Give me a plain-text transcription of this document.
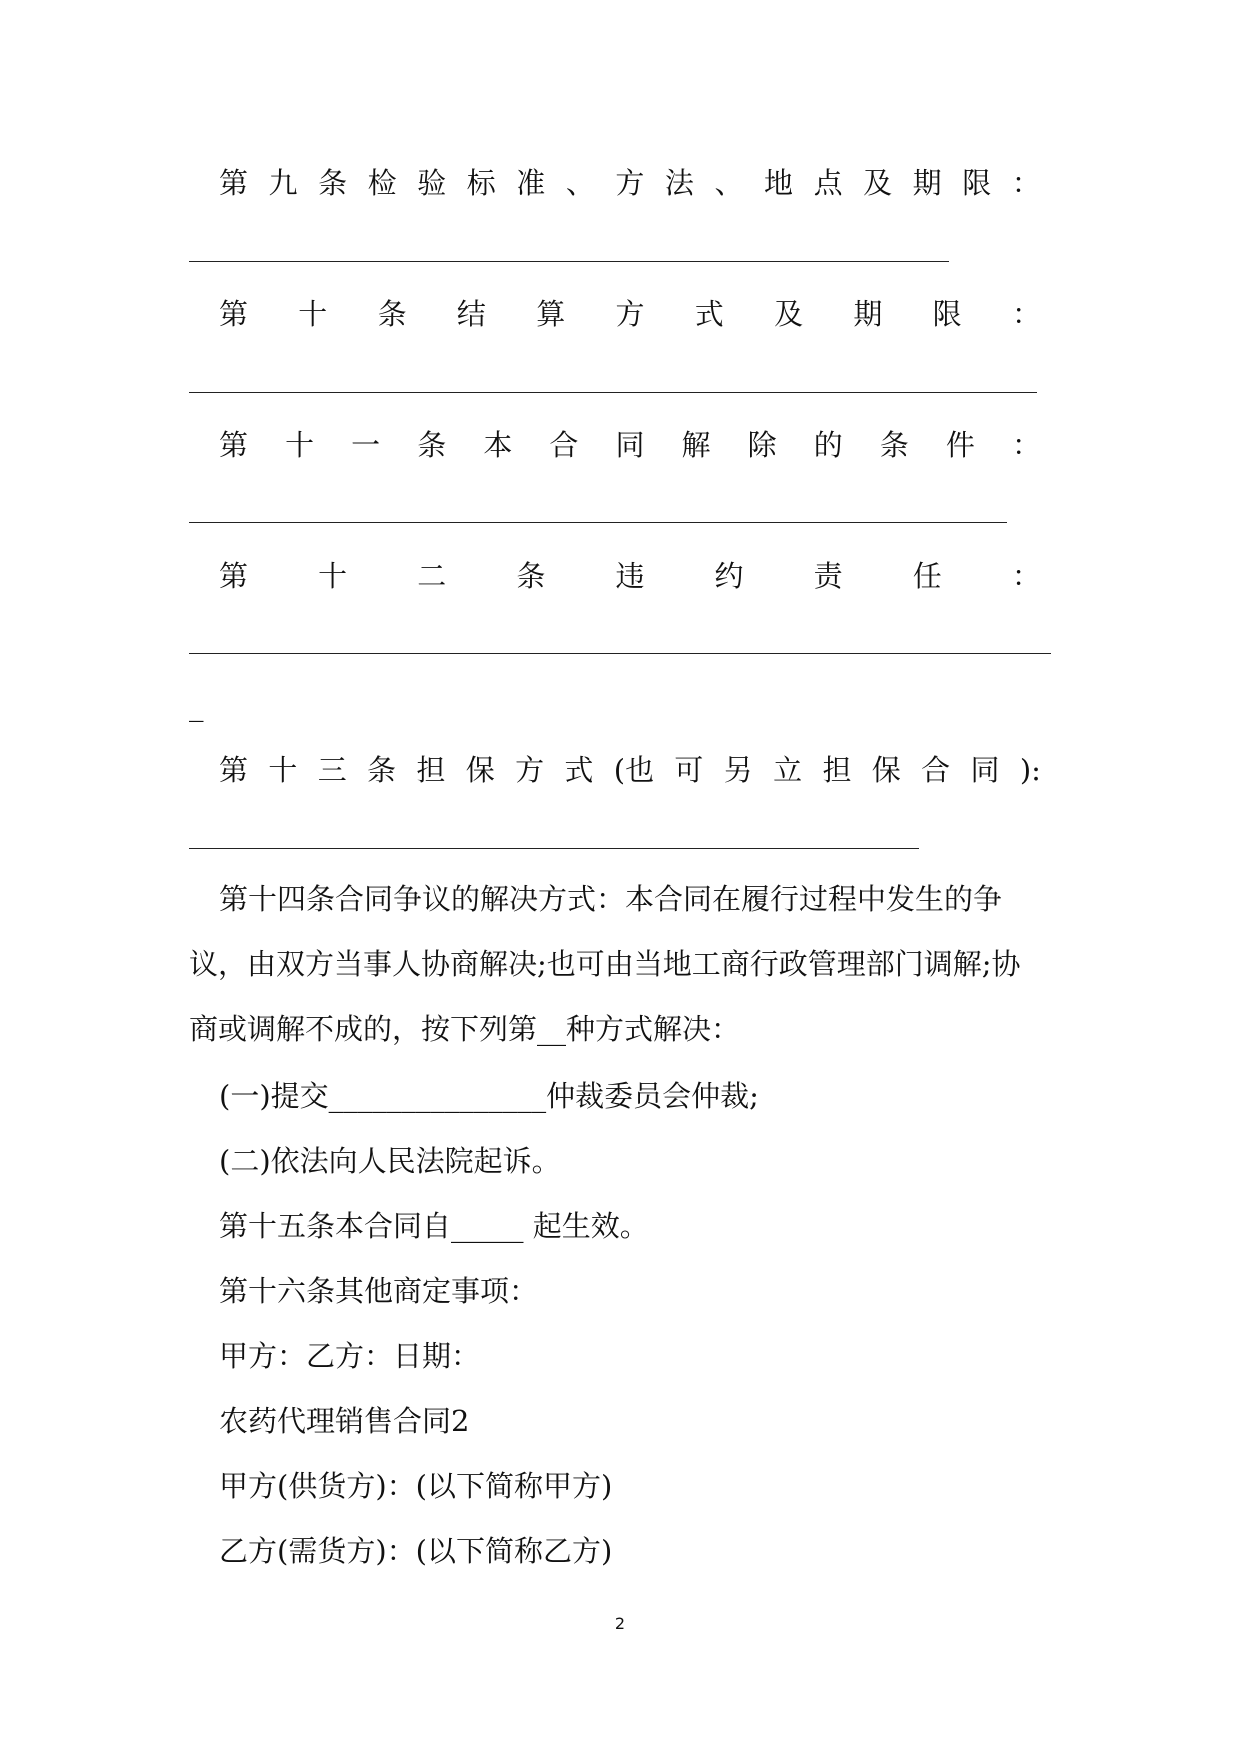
第 九 条 检 验 标 准 、 方 法 、 地 点 及 期 限 ：
第 十 条 结 算 方 式 及 期 限 ：
第 十 一 条 本 合 同 解 除 的 条 件 ：
第 十 二 条 违 约 责 任 ：
_
第 十 三 条 担 保 方 式 (也 可 另 立 担 保 合 同 ):
第十四条合同争议的解决方式：本合同在履行过程中发生的争
议，由双方当事人协商解决;也可由当地工商行政管理部门调解;协
商或调解不成的，按下列第__种方式解决：
(一)提交_______________仲裁委员会仲裁;
(二)依法向人民法院起诉。
第十五条本合同自_____ 起生效。
第十六条其他商定事项：
甲方：乙方：日期：
农药代理销售合同2
甲方(供货方)：(以下简称甲方)
乙方(需货方)：(以下简称乙方)
2
